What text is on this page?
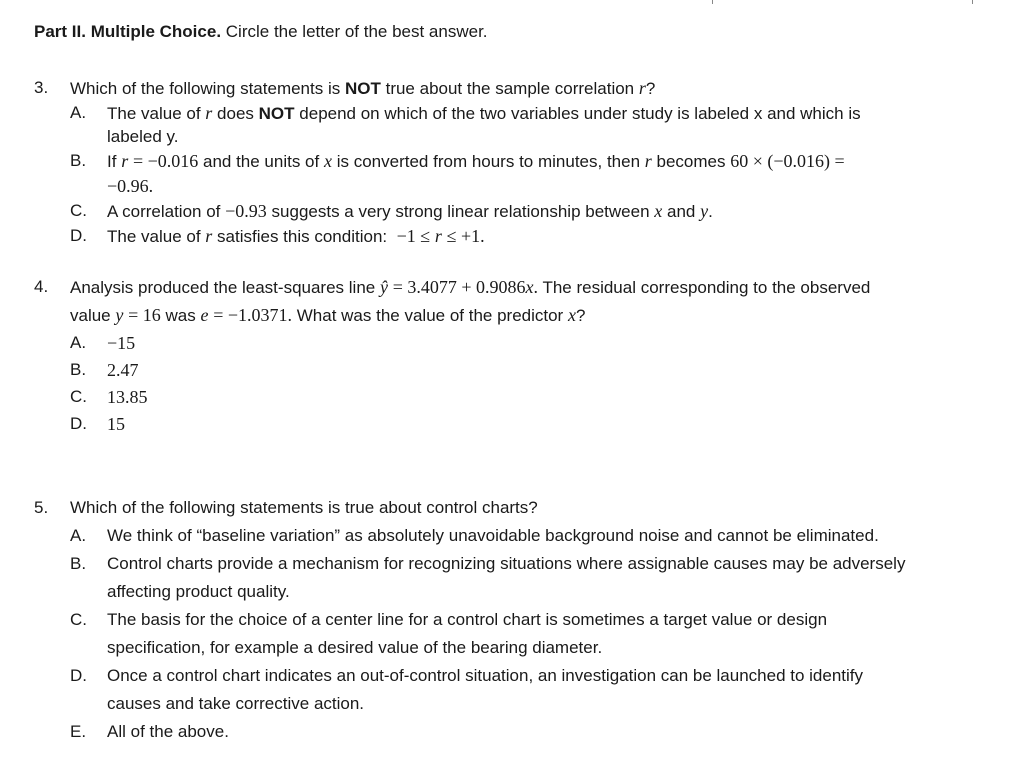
Part II. Multiple Choice. Circle the letter of the best answer.
3. Which of the following statements is NOT true about the sample correlation r?
A. The value of r does NOT depend on which of the two variables under study is labeled x and which is
labeled y.
B. If r = −0.016 and the units of x is converted from hours to minutes, then r becomes 60 × (−0.016) =
−0.96.
C. A correlation of −0.93 suggests a very strong linear relationship between x and y.
D. The value of r satisfies this condition: −1 ≤ r ≤ +1.
4. Analysis produced the least-squares line ŷ = 3.4077 + 0.9086x. The residual corresponding to the observed
value y = 16 was e = −1.0371. What was the value of the predictor x?
A. −15
B. 2.47
C. 13.85
D. 15
5. Which of the following statements is true about control charts?
A. We think of “baseline variation” as absolutely unavoidable background noise and cannot be eliminated.
B. Control charts provide a mechanism for recognizing situations where assignable causes may be adversely
affecting product quality.
C. The basis for the choice of a center line for a control chart is sometimes a target value or design
specification, for example a desired value of the bearing diameter.
D. Once a control chart indicates an out-of-control situation, an investigation can be launched to identify
causes and take corrective action.
E. All of the above.
